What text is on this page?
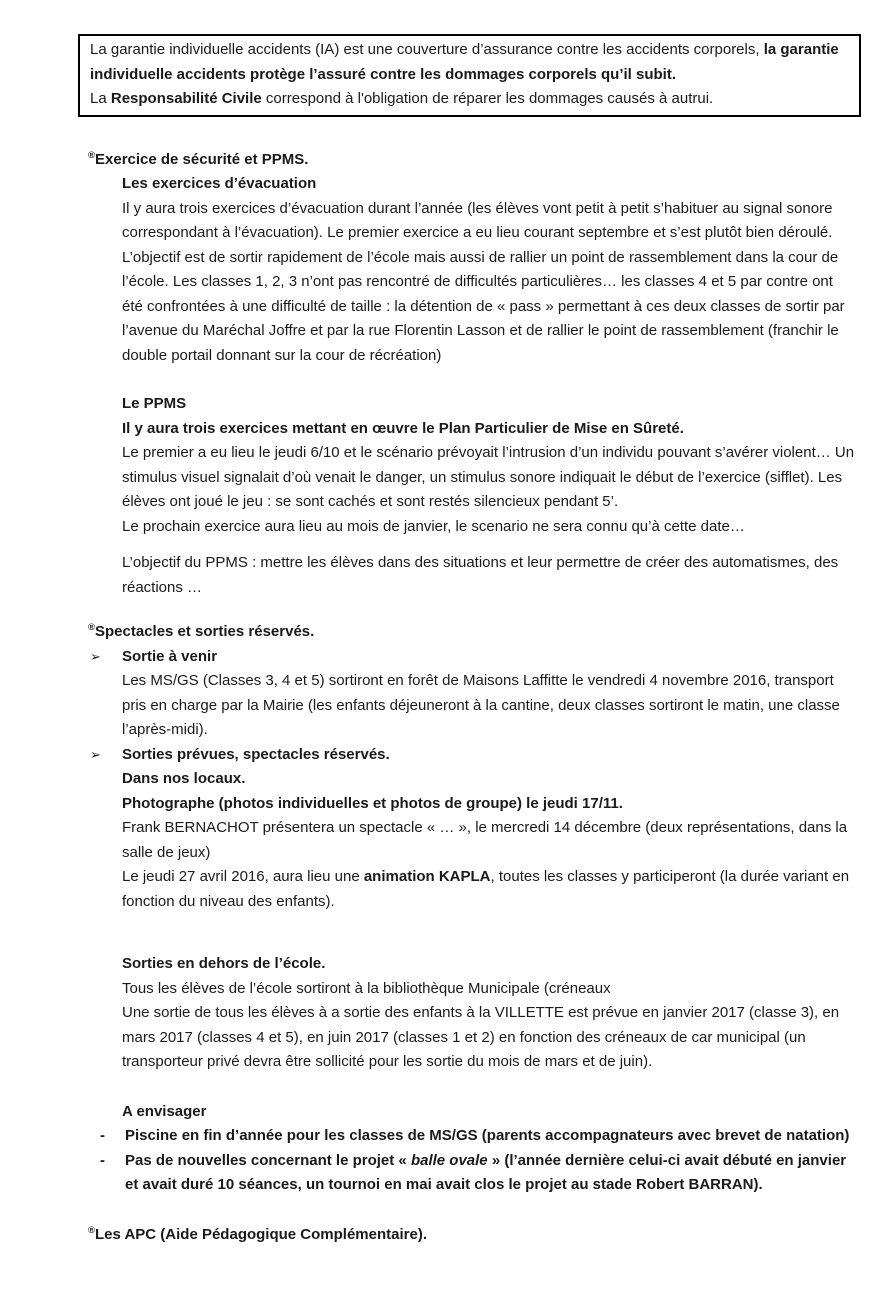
La garantie individuelle accidents (IA) est une couverture d’assurance contre les accidents corporels, la garantie individuelle accidents protège l’assuré contre les dommages corporels qu’il subit.
La Responsabilité Civile correspond à l'obligation de réparer les dommages causés à autrui.
®Exercice de sécurité et PPMS.
Les exercices d’évacuation
Il y aura trois exercices d’évacuation durant l’année (les élèves vont petit à petit s’habituer au signal sonore correspondant à l’évacuation). Le premier exercice a eu lieu courant septembre et s’est plutôt bien déroulé. L’objectif est de sortir rapidement de l’école mais aussi de rallier un point de rassemblement dans la cour de l’école. Les classes 1, 2, 3 n’ont pas rencontré de difficultés particulières… les classes 4 et 5 par contre ont été confrontées à une difficulté de taille : la détention de « pass » permettant à ces deux classes de sortir par l’avenue du Maréchal Joffre et par la rue Florentin Lasson et de rallier le point de rassemblement (franchir le double portail donnant sur la cour de récréation)
Le PPMS
Il y aura trois exercices mettant en œuvre le Plan Particulier de Mise en Sûreté.
Le premier a eu lieu le jeudi 6/10 et le scénario prévoyait l’intrusion d’un individu pouvant s’avérer violent… Un stimulus visuel signalait d’où venait le danger, un stimulus sonore indiquait le début de l’exercice (sifflet). Les élèves ont joué le jeu : se sont cachés et sont restés silencieux pendant 5’.
Le prochain exercice aura lieu au mois de janvier, le scenario ne sera connu qu’à cette date…
L’objectif du PPMS : mettre les élèves dans des situations et leur permettre de créer des automatismes, des réactions …
®Spectacles et sorties réservés.
➢	Sortie à venir
Les MS/GS (Classes 3, 4 et 5) sortiront en forêt de Maisons Laffitte le vendredi 4 novembre 2016, transport pris en charge par la Mairie (les enfants déjeuneront à la cantine, deux classes sortiront le matin, une classe l’après-midi).
➢	Sorties prévues, spectacles réservés.
Dans nos locaux.
Photographe (photos individuelles et photos de groupe) le jeudi 17/11.
Frank BERNACHOT présentera un spectacle « … », le mercredi 14 décembre (deux représentations, dans la salle de jeux)
Le jeudi 27 avril 2016, aura lieu une animation KAPLA, toutes les classes y participeront (la durée variant en fonction du niveau des enfants).
Sorties en dehors de l’école.
Tous les élèves de l’école sortiront à la bibliothèque Municipale (créneaux
Une sortie de tous les élèves à a sortie des enfants à la VILLETTE est prévue en janvier 2017 (classe 3), en mars 2017 (classes 4 et 5), en juin 2017 (classes 1 et 2) en fonction des créneaux de car municipal (un transporteur privé devra être sollicité pour les sortie du mois de mars et de juin).
A envisager
-	Piscine en fin d’année pour les classes de MS/GS (parents accompagnateurs avec brevet de natation)
-	Pas de nouvelles concernant le projet « balle ovale » (l’année dernière celui-ci avait débuté en janvier et avait duré 10 séances, un tournoi en mai avait clos le projet au stade Robert BARRAN).
®Les APC (Aide Pédagogique Complémentaire).
